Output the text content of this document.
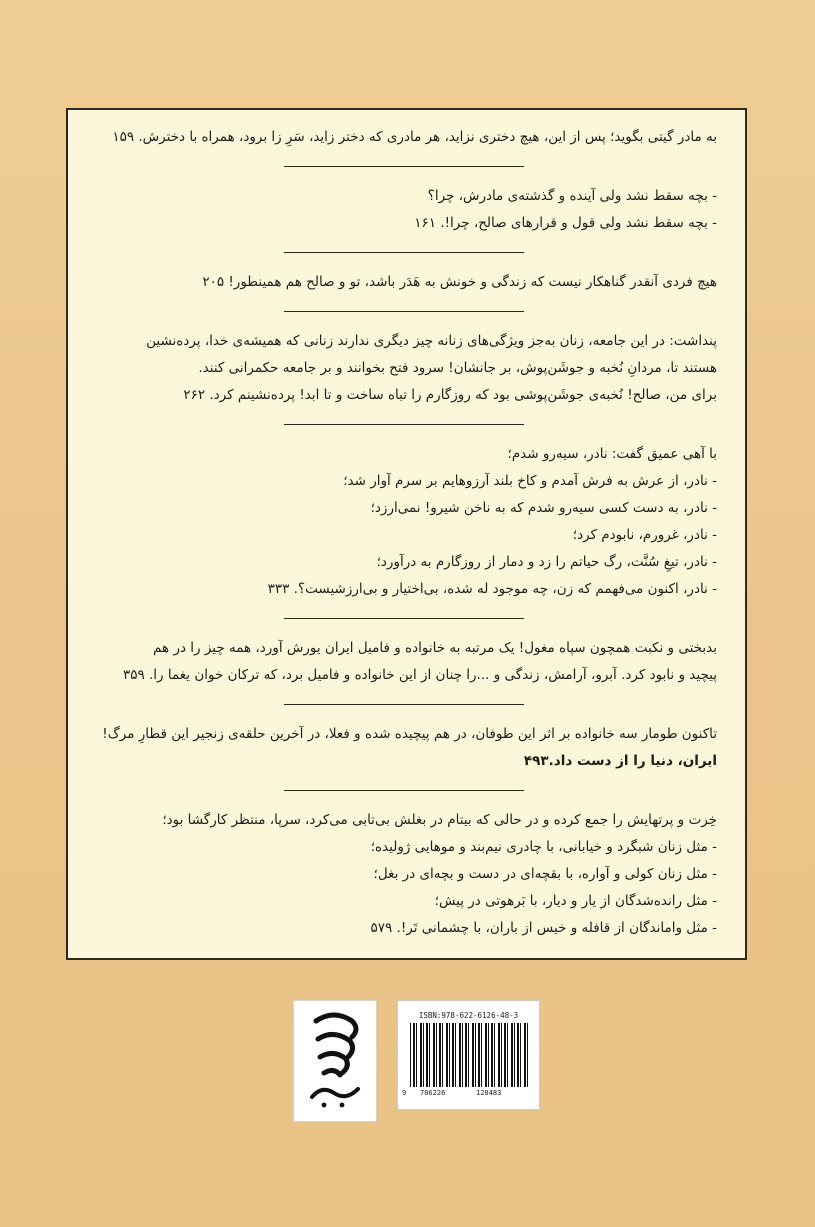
به مادر گیتی بگوید؛ پس از این، هیچ دختری نزاید، هر مادری که دختر زاید، سَرِ زا برود، همراه با دخترش. ۱۵۹

- بچه سقط نشد ولی آینده و گذشته‌ی مادرش، چرا؟

- بچه سقط نشد ولی قول و قرارهای صالح، چرا!. ۱۶۱

هیچ فردی آنقدر گناهکار نیست که زندگی و خونش به هَدَر باشد، تو و صالح هم همینطور! ۲۰۵

پنداشت: در این جامعه، زنان به‌جز ویژگی‌های زنانه چیز دیگری ندارند زنانی که همیشه‌ی خدا، پرده‌نشین

هستند تا، مردانِ نُخبه و جوشَن‌پوش، بر جانشان! سرود فتح بخوانند و بر جامعه حکمرانی کنند.

برای من، صالح! نُخبه‌ی جوشَن‌پوشی بود که روزگارم را تباه ساخت و تا ابد! پرده‌نشینم کرد. ۲۶۲

با آهی عمیق گفت: نادر، سیه‌رو شدم؛

- نادر، از عرش به فرش آمدم و کاخ بلند آرزوهایم بر سرم آوار شد؛

- نادر، به دست کسی سیه‌رو شدم که به ناخن شیرو! نمی‌ارزد؛

- نادر، غرورم، نابودم کرد؛

- نادر، تیغِ سُنَّت، رگ حیاتم را زد و دمار از روزگارم به درآورد؛

- نادر، اکنون می‌فهمم که زن، چه موجود له شده، بی‌اختیار و بی‌ارزشیست؟. ۳۳۳

بدبختی و نکبت همچون سپاه مغول! یک مرتبه به خانواده و فامیل ایران یورش آورد، همه چیز را در هم

پیچید و نابود کرد. آبرو، آرامش، زندگی و ...را چنان از این خانواده و فامیل برد، که ترکان خوان یغما را. ۳۵۹

تاکنون طومار سه خانواده بر اثر این طوفان، در هم پیچیده شده و فعلا، در آخرین حلقه‌ی زنجیر این قطارِ مرگ!

ایران، دنیا را از دست داد.۴۹۳

خِرت و پرتهایش را جمع کرده و در حالی که بیتام در بغلش بی‌تابی می‌کرد، سرپا، منتظر کارگشا بود؛

- مثل زنان شبگرد و خیابانی، با چادری نیم‌بند و موهایی ژولیده؛

- مثل زنان کولی و آواره، با بقچه‌ای در دست و بچه‌ای در بغل؛

- مثل رانده‌شدگان از یار و دیار، با بَرهوتی در پیش؛

- مثل واماندگان از قافله و خیس از باران، با چشمانی تَر!. ۵۷۹

ISBN:978-622-6126-48-3
9 786226	128483
